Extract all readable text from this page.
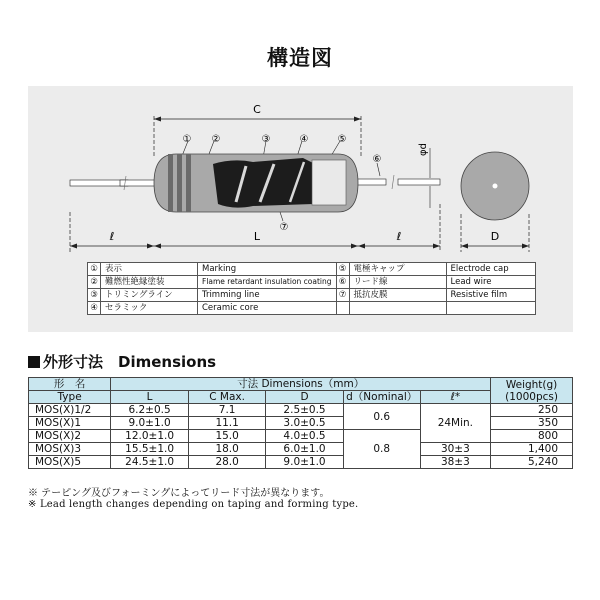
構造図
C
① ②	③	④	⑤
⑥
⑦
φd
ℓ	L	ℓ	D
①	表示	Marking	⑤	電極キャップ	Electrode cap
②	難燃性絶縁塗装	Flame retardant insulation coating	⑥	リード線	Lead wire
③	トリミングライン	Trimming line	⑦	抵抗皮膜	Resistive film
④	セラミック	Ceramic core			
外形寸法　Dimensions
形　名	寸法 Dimensions（mm）					Weight(g)
(1000pcs)
Type	L	C Max.	D	d（Nominal）	ℓ*	
MOS(X)1/2	6.2±0.5	7.1	2.5±0.5	0.6	24Min.	250
MOS(X)1	9.0±1.0	11.1	3.0±0.5			350
MOS(X)2	12.0±1.0	15.0	4.0±0.5	0.8		800
MOS(X)3	15.5±1.0	18.0	6.0±1.0		30±3	1,400
MOS(X)5	24.5±1.0	28.0	9.0±1.0		38±3	5,240
※ テーピング及びフォーミングによってリード寸法が異なります。
※ Lead length changes depending on taping and forming type.
